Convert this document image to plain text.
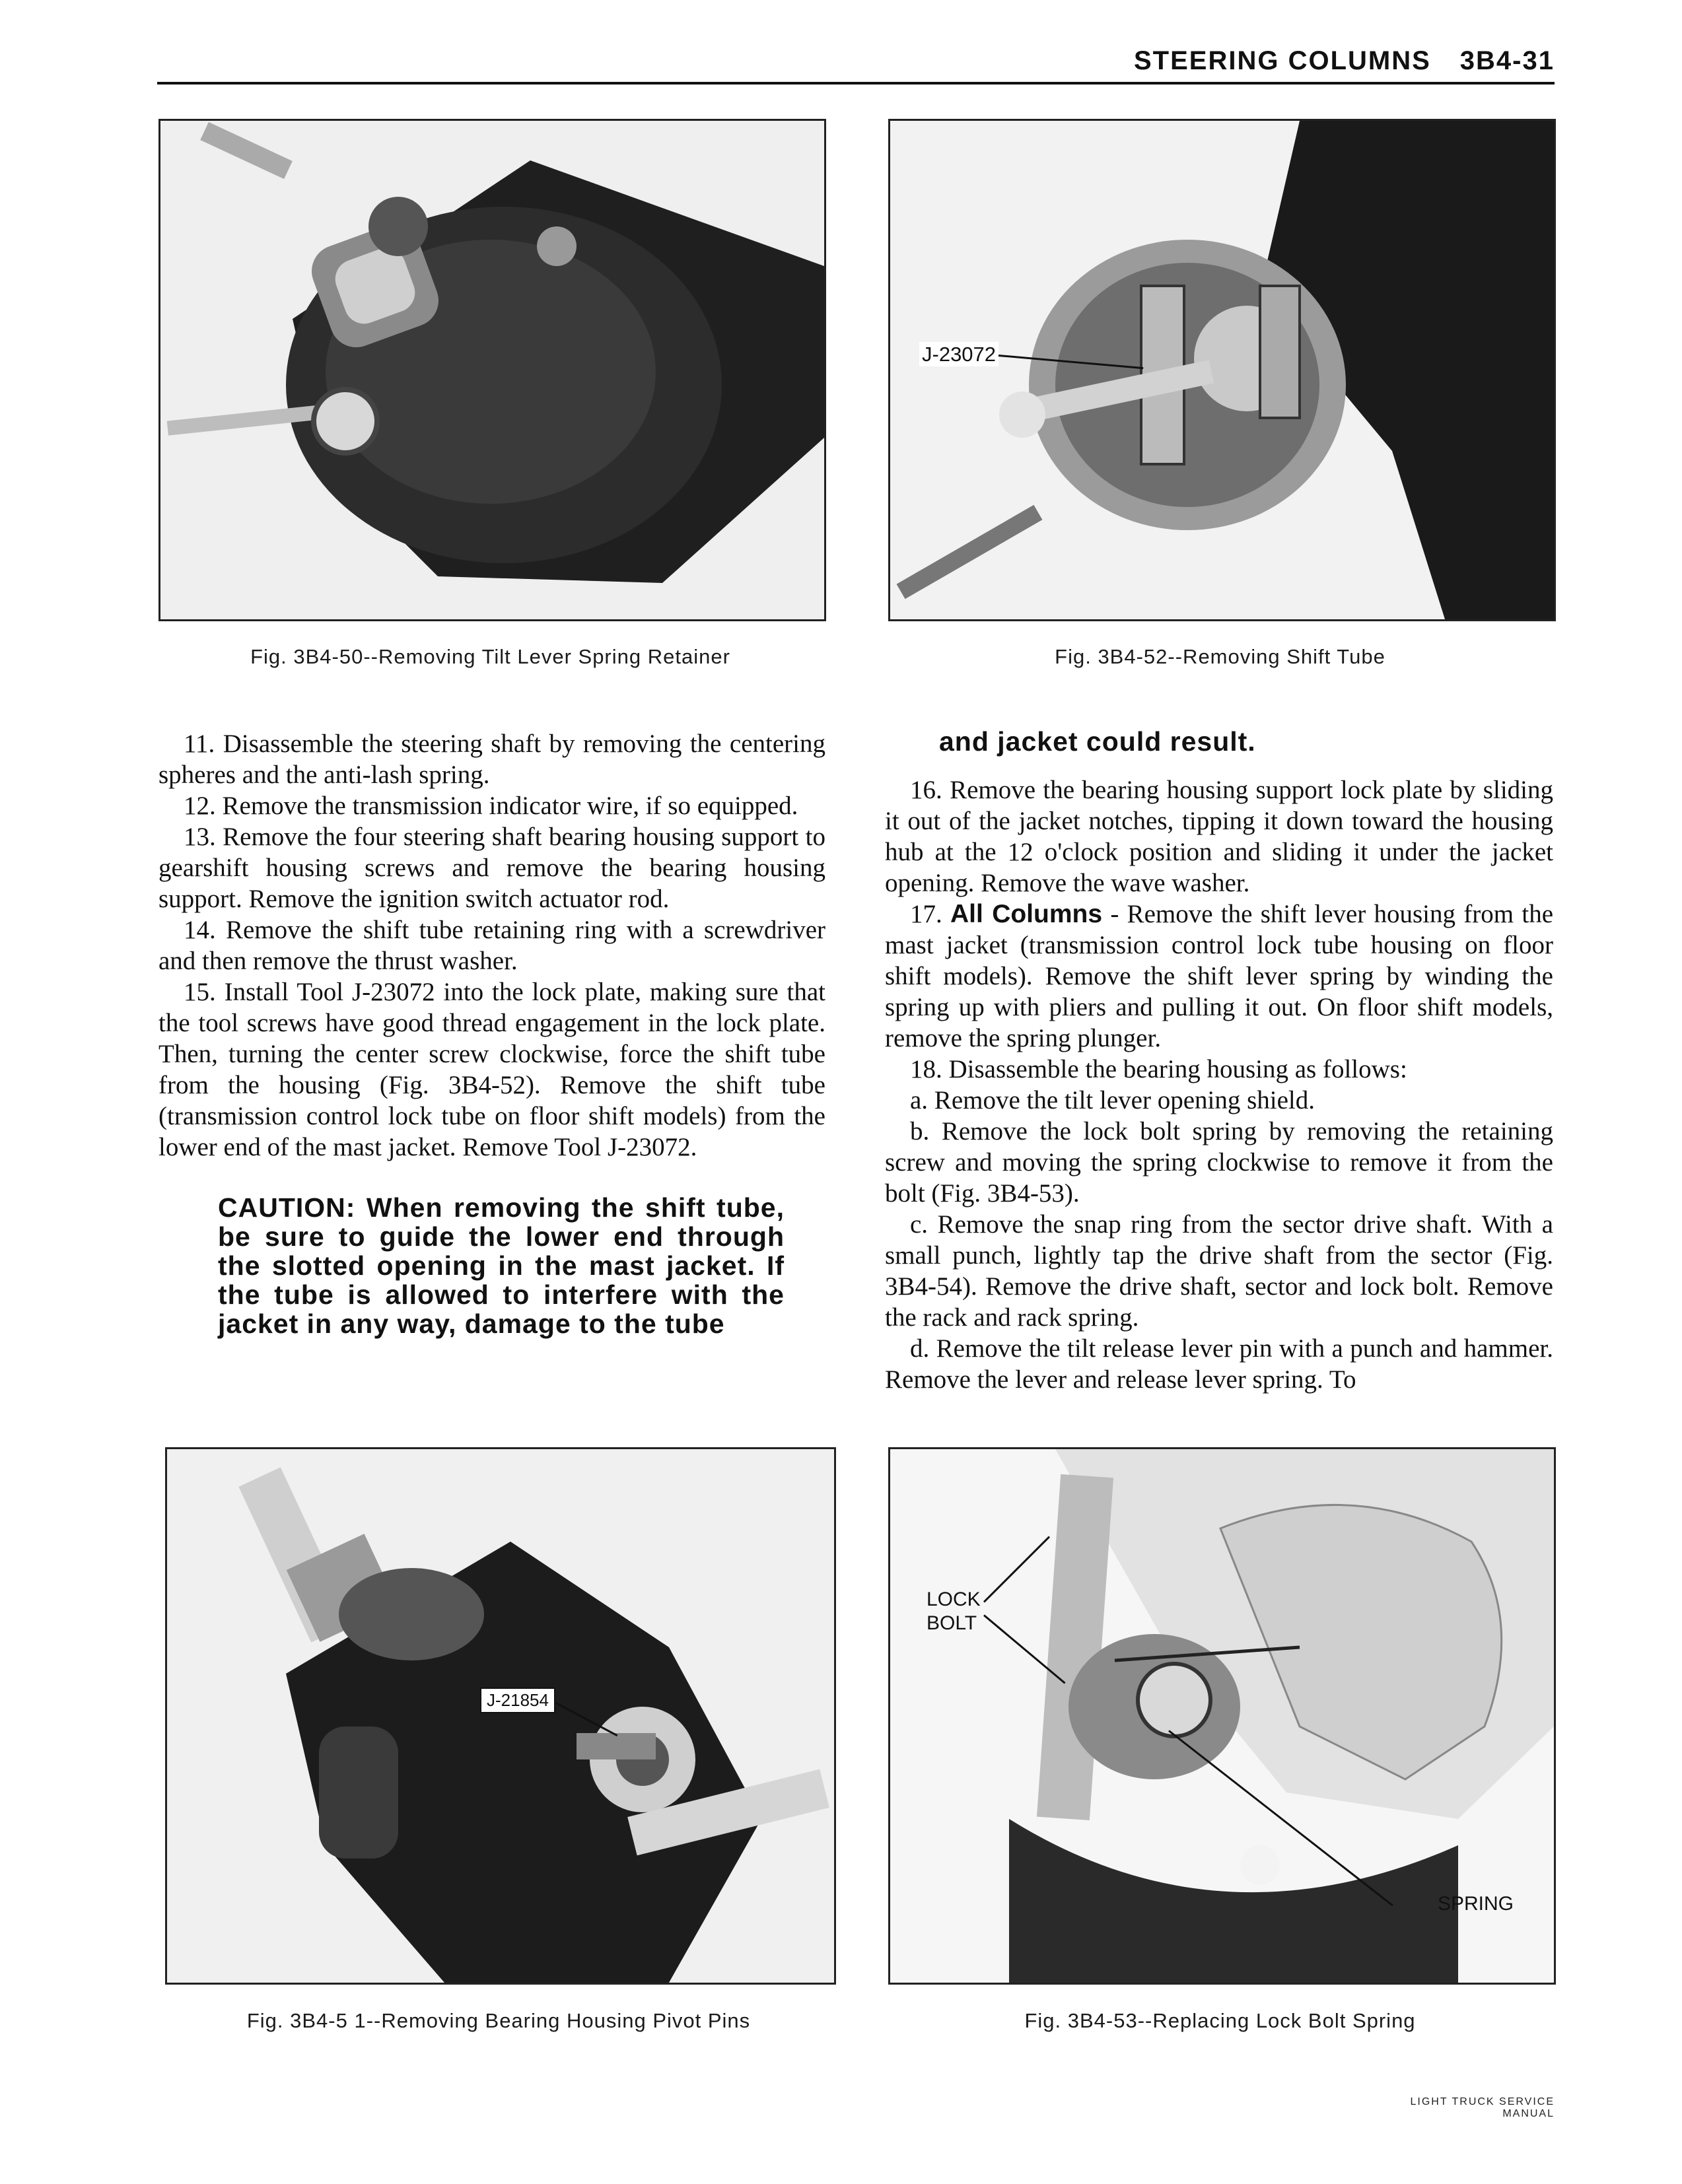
STEERING COLUMNS 3B4-31
Fig. 3B4-50--Removing Tilt Lever Spring Retainer
J-23072
Fig. 3B4-52--Removing Shift Tube

11. Disassemble the steering shaft by removing the centering spheres and the anti-lash spring.

12. Remove the transmission indicator wire, if so equipped.

13. Remove the four steering shaft bearing housing support to gearshift housing screws and remove the bearing housing support. Remove the ignition switch actuator rod.

14. Remove the shift tube retaining ring with a screwdriver and then remove the thrust washer.

15. Install Tool J-23072 into the lock plate, making sure that the tool screws have good thread engagement in the lock plate. Then, turning the center screw clockwise, force the shift tube from the housing (Fig. 3B4-52). Remove the shift tube (transmission control lock tube on floor shift models) from the lower end of the mast jacket. Remove Tool J-23072.

CAUTION: When removing the shift tube, be sure to guide the lower end through the slotted opening in the mast jacket. If the tube is allowed to interfere with the jacket in any way, damage to the tube

and jacket could result.

16. Remove the bearing housing support lock plate by sliding it out of the jacket notches, tipping it down toward the housing hub at the 12 o'clock position and sliding it under the jacket opening. Remove the wave washer.

17. All Columns - Remove the shift lever housing from the mast jacket (transmission control lock tube housing on floor shift models). Remove the shift lever spring by winding the spring up with pliers and pulling it out. On floor shift models, remove the spring plunger.

18. Disassemble the bearing housing as follows:

a. Remove the tilt lever opening shield.

b. Remove the lock bolt spring by removing the retaining screw and moving the spring clockwise to remove it from the bolt (Fig. 3B4-53).

c. Remove the snap ring from the sector drive shaft. With a small punch, lightly tap the drive shaft from the sector (Fig. 3B4-54). Remove the drive shaft, sector and lock bolt. Remove the rack and rack spring.

d. Remove the tilt release lever pin with a punch and hammer. Remove the lever and release lever spring. To

J-21854
Fig. 3B4-5 1--Removing Bearing Housing Pivot Pins
LOCK
BOLT
SPRING
Fig. 3B4-53--Replacing Lock Bolt Spring
LIGHT TRUCK SERVICE MANUAL
